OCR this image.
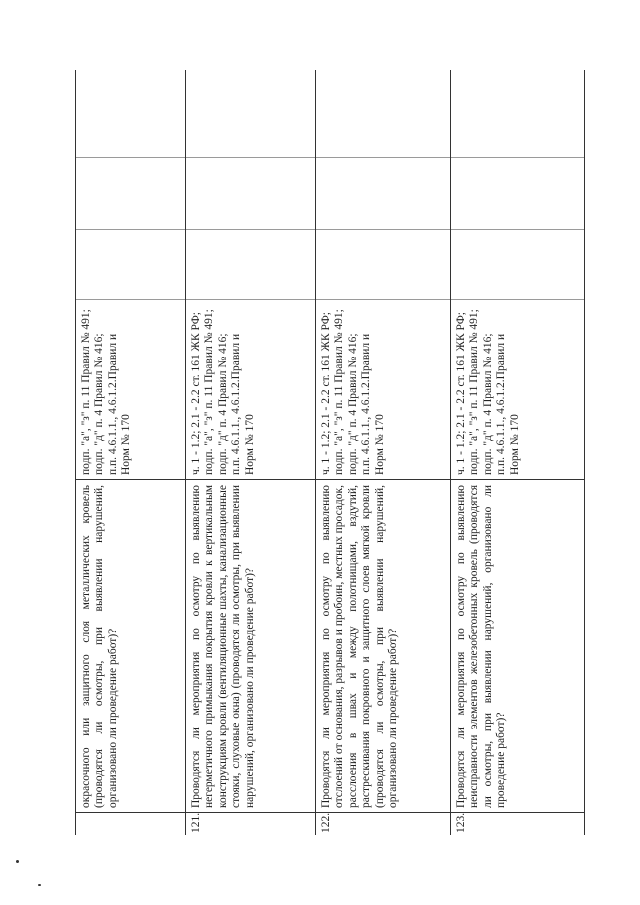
окрасочного или защитного слоя металлических кровель (проводятся ли осмотры, при выявлении нарушений, организовано ли проведение работ)?

подп. "а", "з" п. 11 Правил № 491; подп. "д" п. 4 Правил № 416; п.п. 4.6.1.1., 4.6.1.2.Правил и Норм № 170

121.
Проводятся ли мероприятия по осмотру по выявлению негерметичного примыкания покрытия кровли к вертикальным конструкциям кровли (вентиляционные шахты, канализационные стояки, слуховые окна) (проводятся ли осмотры, при выявлении нарушений, организовано ли проведение работ)?

ч. 1 - 1.2; 2.1 - 2.2 ст. 161 ЖК РФ; подп. "а", "з" п. 11 Правил № 491; подп. "д" п. 4 Правил № 416; п.п. 4.6.1.1., 4.6.1.2.Правил и Норм № 170

122.
Проводятся ли мероприятия по осмотру по выявлению отслоений от основания, разрывов и пробоин, местных просадок, расслоения в швах и между полотнищами, вздутий, растрескивания покровного и защитного слоев мягкой кровли (проводятся ли осмотры, при выявлении нарушений, организовано ли проведение работ)?

ч. 1 - 1.2; 2.1 - 2.2 ст. 161 ЖК РФ; подп. "а", "з" п. 11 Правил № 491; подп. "д" п. 4 Правил № 416; п.п. 4.6.1.1., 4.6.1.2.Правил и Норм № 170

123.
Проводятся ли мероприятия по осмотру по выявлению неисправности элементов железобетонных кровель (проводятся ли осмотры, при выявлении нарушений, организовано ли проведение работ)?

ч. 1 - 1.2; 2.1 - 2.2 ст. 161 ЖК РФ; подп. "а", "з" п. 11 Правил № 491; подп. "д" п. 4 Правил № 416; п.п. 4.6.1.1., 4.6.1.2.Правил и Норм № 170
